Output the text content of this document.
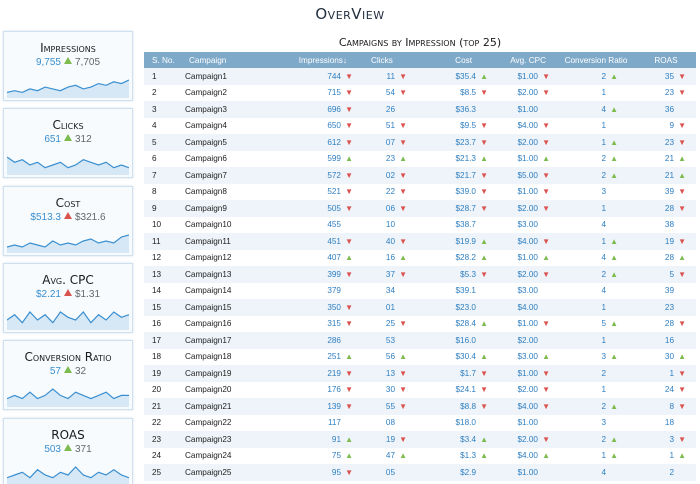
OverView
Impressions
9,755 7,705
Clicks
651 312
Cost
$513.3 $321.6
Avg. CPC
$2.21 $1.31
Conversion Ratio
57 32
ROAS
503 371
Campaigns by Impression (top 25)
S. No.	Campaign	Impressions↓	Clicks	Cost	Avg. CPC	Conversion Ratio	ROAS
1	Campaign1	744 ▼	11 ▼	$35.4 ▲	$1.00 ▼	2 ▲	35 ▼
2	Campaign2	715 ▼	54 ▼	$8.5 ▼	$2.00 ▼	1	23 ▼
3	Campaign3	696 ▼	26	$36.3	$1.00	4 ▲	36
4	Campaign4	650 ▼	51 ▼	$9.5 ▼	$4.00 ▼	1	9 ▼
5	Campaign5	612 ▼	07 ▼	$23.7 ▼	$2.00 ▼	1 ▲	23 ▼
6	Campaign6	599 ▲	23 ▲	$21.3 ▲	$1.00 ▲	2 ▲	21 ▲
7	Campaign7	572 ▼	02 ▼	$21.7 ▼	$5.00 ▼	2 ▲	21 ▲
8	Campaign8	521 ▼	22 ▼	$39.0 ▼	$1.00 ▼	3	39 ▼
9	Campaign9	505 ▼	06 ▼	$28.7 ▼	$2.00 ▼	1	28 ▼
10	Campaign10	455	10	$38.7	$3.00	4	38
11	Campaign11	451 ▼	40 ▼	$19.9 ▲	$4.00 ▼	1 ▲	19 ▼
12	Campaign12	407 ▲	16 ▲	$28.2 ▲	$1.00 ▲	4 ▲	28 ▲
13	Campaign13	399 ▼	37 ▼	$5.3 ▼	$2.00 ▼	2 ▲	5 ▼
14	Campaign14	379	34	$39.1	$3.00	4	39
15	Campaign15	350 ▼	01	$23.0	$4.00	1	23
16	Campaign16	315 ▼	25 ▼	$28.4 ▲	$1.00 ▼	5 ▲	28 ▼
17	Campaign17	286	53	$16.0	$2.00	1	16
18	Campaign18	251 ▲	56 ▲	$30.4 ▲	$3.00 ▲	3 ▲	30 ▲
19	Campaign19	219 ▼	13 ▼	$1.7 ▼	$1.00 ▼	2	1 ▼
20	Campaign20	176 ▼	30 ▼	$24.1 ▼	$2.00 ▼	1	24 ▼
21	Campaign21	139 ▼	55 ▼	$8.8 ▼	$4.00 ▼	2 ▲	8 ▼
22	Campaign22	117	08	$18.0	$1.00	3	18
23	Campaign23	91 ▲	19 ▼	$3.4 ▲	$2.00 ▼	2 ▲	3 ▼
24	Campaign24	75 ▲	47 ▲	$1.3 ▲	$4.00 ▲	1 ▲	1 ▲
25	Campaign25	95 ▼	05	$2.9	$1.00	4	2
